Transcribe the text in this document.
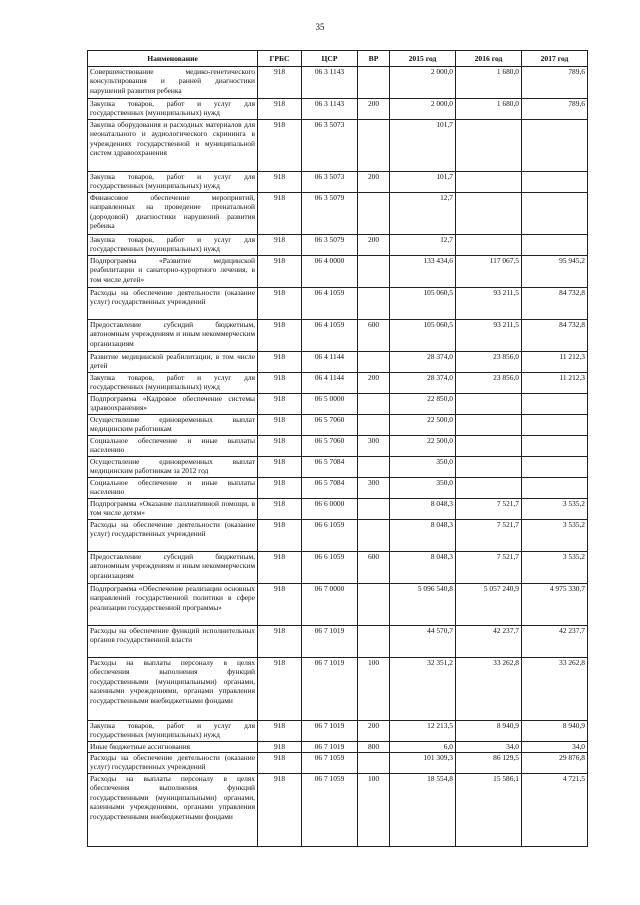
35
Наименование	ГРБС	ЦСР	ВР	2015 год	2016 год	2017 год
Совершенствование медико-генетического консультирования и ранней диагностики нарушений развития ребенка	918	06 3 1143		2 000,0	1 680,0	789,6
Закупка товаров, работ и услуг для государственных (муниципальных) нужд	918	06 3 1143	200	2 000,0	1 680,0	789,6
Закупка оборудования и расходных материалов для неонатального и аудиологического скрининга в учреждениях государственной и муниципальной систем здравоохранения	918	06 3 5073		101,7		
Закупка товаров, работ и услуг для государственных (муниципальных) нужд	918	06 3 5073	200	101,7		
Финансовое обеспечение мероприятий, направленных на проведение пренатальной (дородовой) диагностики нарушений развития ребенка	918	06 3 5079		12,7		
Закупка товаров, работ и услуг для государственных (муниципальных) нужд	918	06 3 5079	200	12,7		
Подпрограмма «Развитие медицинской реабилитации и санаторно-курортного лечения, в том числе детей»	918	06 4 0000		133 434,6	117 067,5	95 945,2
Расходы на обеспечение деятельности (оказание услуг) государственных учреждений	918	06 4 1059		105 060,5	93 211,5	84 732,8
Предоставление субсидий бюджетным, автономным учреждениям и иным некоммерческим организациям	918	06 4 1059	600	105 060,5	93 211,5	84 732,8
Развитие медицинской реабилитации, в том числе детей	918	06 4 1144		28 374,0	23 856,0	11 212,3
Закупка товаров, работ и услуг для государственных (муниципальных) нужд	918	06 4 1144	200	28 374,0	23 856,0	11 212,3
Подпрограмма «Кадровое обеспечение системы здравоохранения»	918	06 5 0000		22 850,0		
Осуществление единовременных выплат медицинским работникам	918	06 5 7060		22 500,0		
Социальное обеспечение и иные выплаты населению	918	06 5 7060	300	22 500,0		
Осуществление единовременных выплат медицинским работникам за 2012 год	918	06 5 7084		350,0		
Социальное обеспечение и иные выплаты населению	918	06 5 7084	300	350,0		
Подпрограмма «Оказание паллиативной помощи, в том числе детям»	918	06 6 0000		8 048,3	7 521,7	3 535,2
Расходы на обеспечение деятельности (оказание услуг) государственных учреждений	918	06 6 1059		8 048,3	7 521,7	3 535,2
Предоставление субсидий бюджетным, автономным учреждениям и иным некоммерческим организациям	918	06 6 1059	600	8 048,3	7 521,7	3 535,2
Подпрограмма «Обеспечение реализации основных направлений государственной политики в сфере реализации государственной программы»	918	06 7 0000		5 096 540,8	5 057 240,9	4 975 330,7
Расходы на обеспечение функций исполнительных органов государственной власти	918	06 7 1019		44 570,7	42 237,7	42 237,7
Расходы на выплаты персоналу в целях обеспечения выполнения функций государственными (муниципальными) органами, казенными учреждениями, органами управления государственными внебюджетными фондами	918	06 7 1019	100	32 351,2	33 262,8	33 262,8
Закупка товаров, работ и услуг для государственных (муниципальных) нужд	918	06 7 1019	200	12 213,5	8 940,9	8 940,9
Иные бюджетные ассигнования	918	06 7 1019	800	6,0	34,0	34,0
Расходы на обеспечение деятельности (оказание услуг) государственных учреждений	918	06 7 1059		101 309,3	86 129,5	29 876,8
Расходы на выплаты персоналу в целях обеспечения выполнения функций государственными (муниципальными) органами, казенными учреждениями, органами управления государственными внебюджетными фондами	918	06 7 1059	100	18 554,8	15 586,1	4 721,5
